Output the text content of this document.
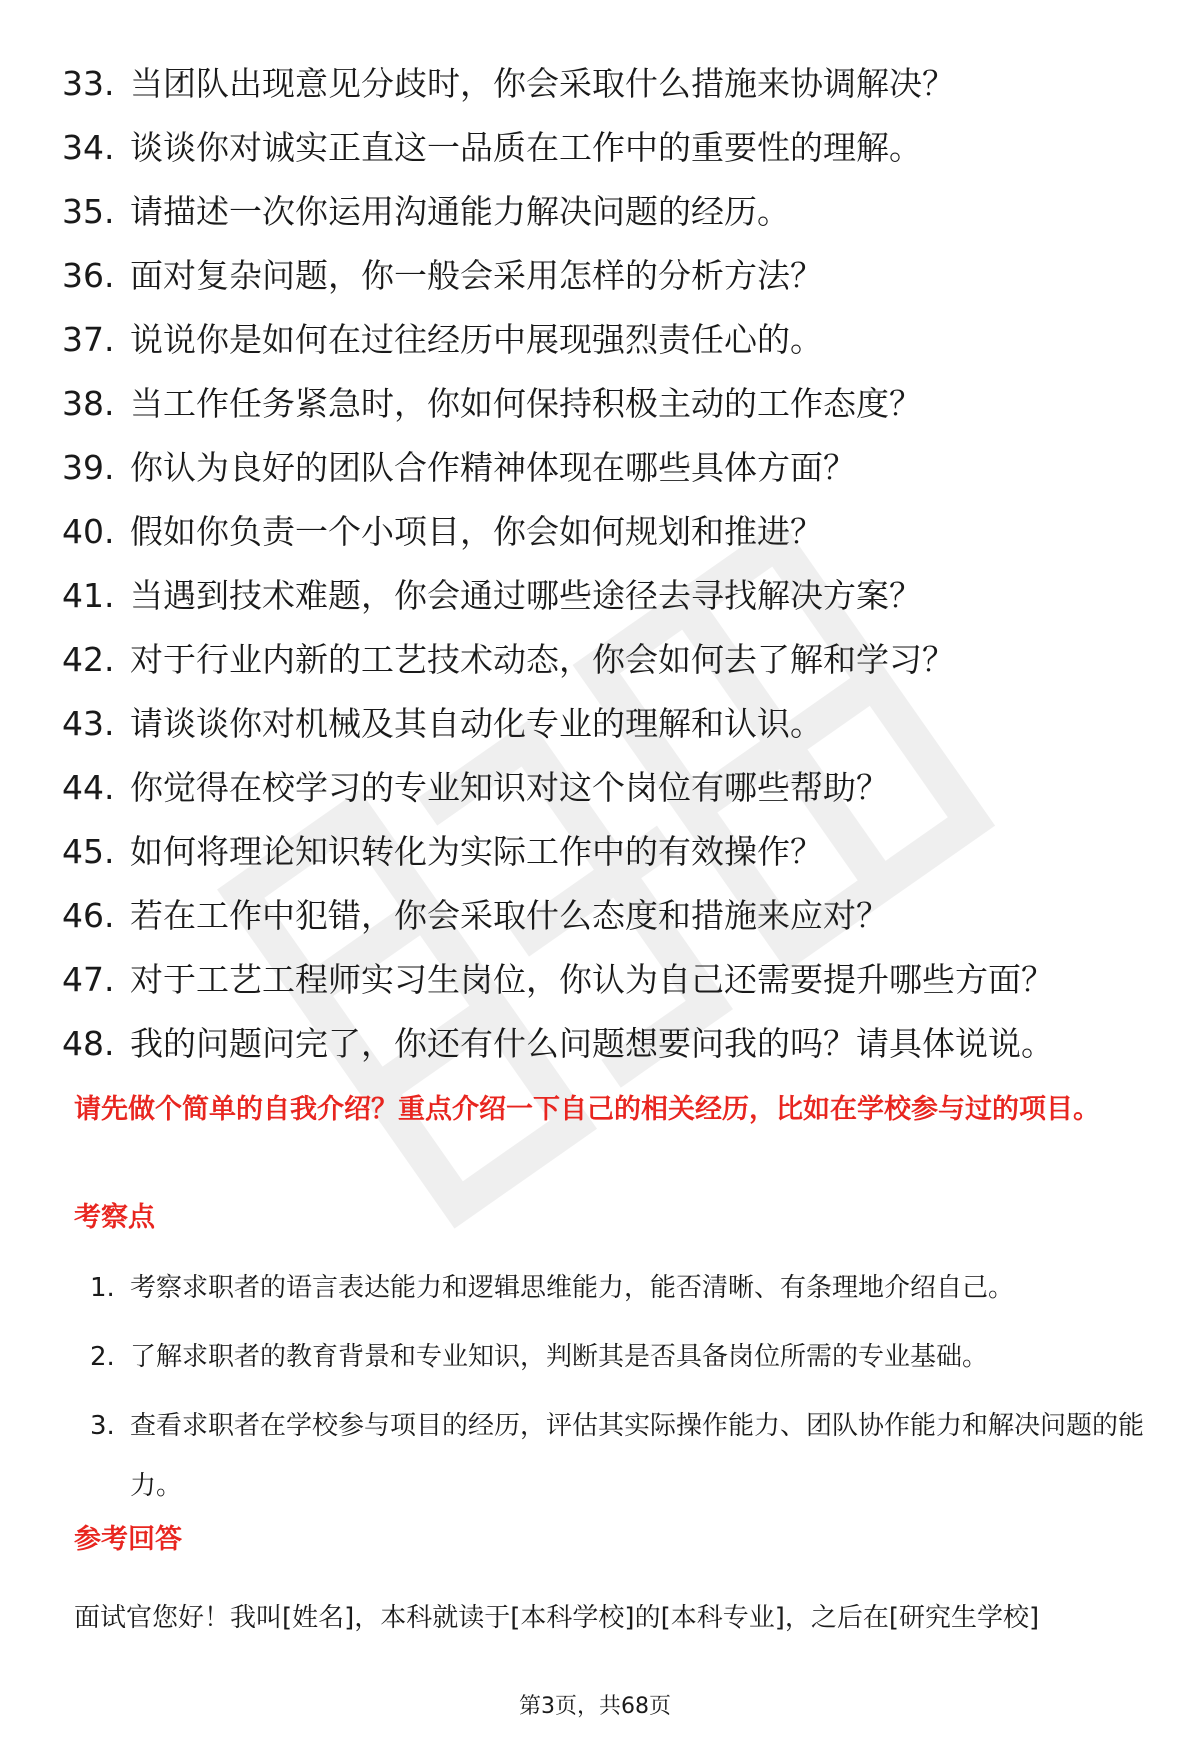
33. 当团队出现意见分歧时，你会采取什么措施来协调解决？
34. 谈谈你对诚实正直这一品质在工作中的重要性的理解。
35. 请描述一次你运用沟通能力解决问题的经历。
36. 面对复杂问题，你一般会采用怎样的分析方法？
37. 说说你是如何在过往经历中展现强烈责任心的。
38. 当工作任务紧急时，你如何保持积极主动的工作态度？
39. 你认为良好的团队合作精神体现在哪些具体方面？
40. 假如你负责一个小项目，你会如何规划和推进？
41. 当遇到技术难题，你会通过哪些途径去寻找解决方案？
42. 对于行业内新的工艺技术动态，你会如何去了解和学习？
43. 请谈谈你对机械及其自动化专业的理解和认识。
44. 你觉得在校学习的专业知识对这个岗位有哪些帮助？
45. 如何将理论知识转化为实际工作中的有效操作？
46. 若在工作中犯错，你会采取什么态度和措施来应对？
47. 对于工艺工程师实习生岗位，你认为自己还需要提升哪些方面？
48. 我的问题问完了，你还有什么问题想要问我的吗？请具体说说。

请先做个简单的自我介绍？重点介绍一下自己的相关经历，比如在学校参与过的项目。

考察点

1. 考察求职者的语言表达能力和逻辑思维能力，能否清晰、有条理地介绍自己。
2. 了解求职者的教育背景和专业知识，判断其是否具备岗位所需的专业基础。
3. 查看求职者在学校参与项目的经历，评估其实际操作能力、团队协作能力和解决问题的能力。

参考回答

面试官您好！我叫[姓名]，本科就读于[本科学校]的[本科专业]，之后在[研究生学校]

第3页，共68页
